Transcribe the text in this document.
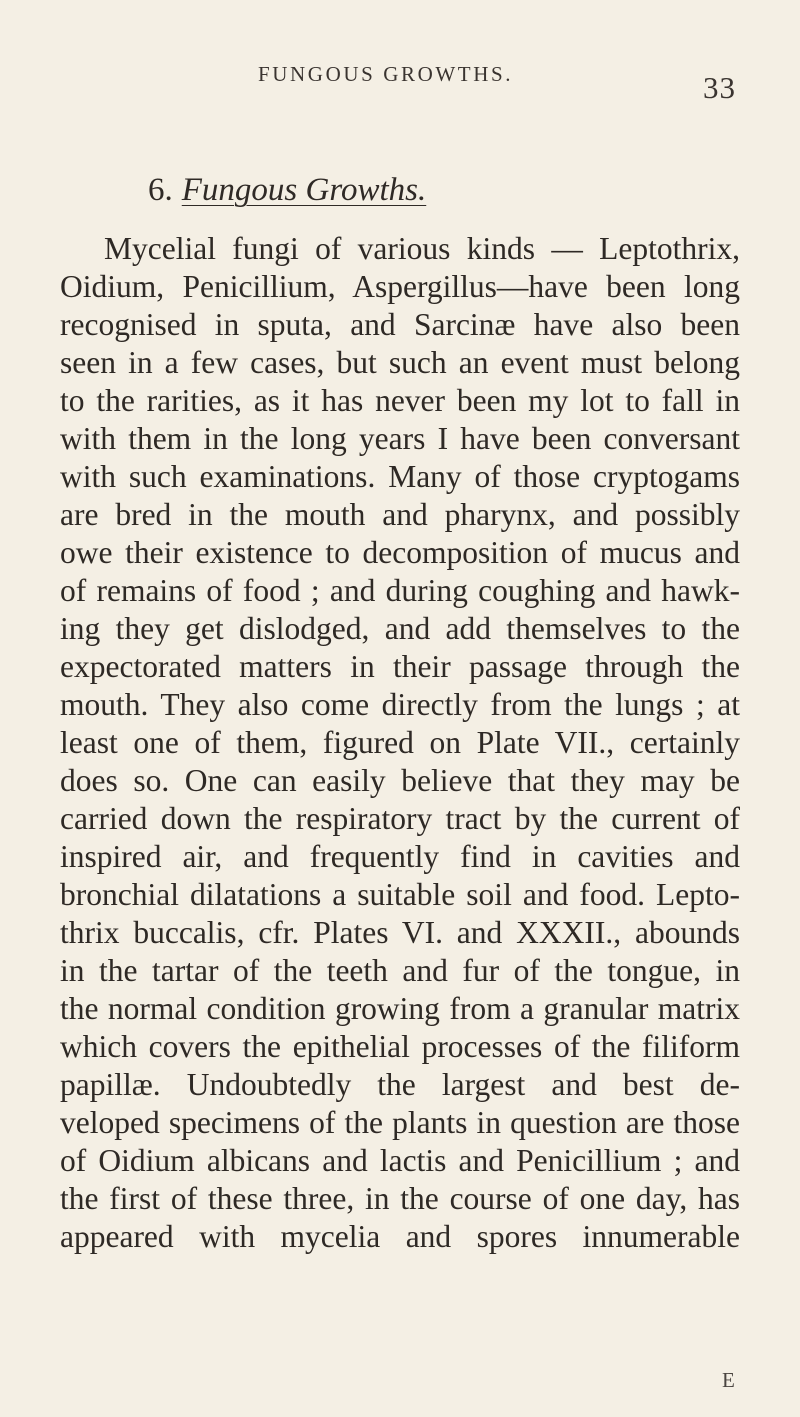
FUNGOUS GROWTHS.	33
6. Fungous Growths.
Mycelial fungi of various kinds — Leptothrix,
Oidium, Penicillium, Aspergillus—have been long
recognised in sputa, and Sarcinæ have also been
seen in a few cases, but such an event must belong
to the rarities, as it has never been my lot to fall in
with them in the long years I have been conversant
with such examinations. Many of those cryptogams
are bred in the mouth and pharynx, and possibly
owe their existence to decomposition of mucus and
of remains of food ; and during coughing and hawk-
ing they get dislodged, and add themselves to the
expectorated matters in their passage through the
mouth. They also come directly from the lungs ; at
least one of them, figured on Plate VII., certainly
does so. One can easily believe that they may be
carried down the respiratory tract by the current of
inspired air, and frequently find in cavities and
bronchial dilatations a suitable soil and food. Lepto-
thrix buccalis, cfr. Plates VI. and XXXII., abounds
in the tartar of the teeth and fur of the tongue, in
the normal condition growing from a granular matrix
which covers the epithelial processes of the filiform
papillæ. Undoubtedly the largest and best de-
veloped specimens of the plants in question are those
of Oidium albicans and lactis and Penicillium ; and
the first of these three, in the course of one day, has
appeared with mycelia and spores innumerable
E
